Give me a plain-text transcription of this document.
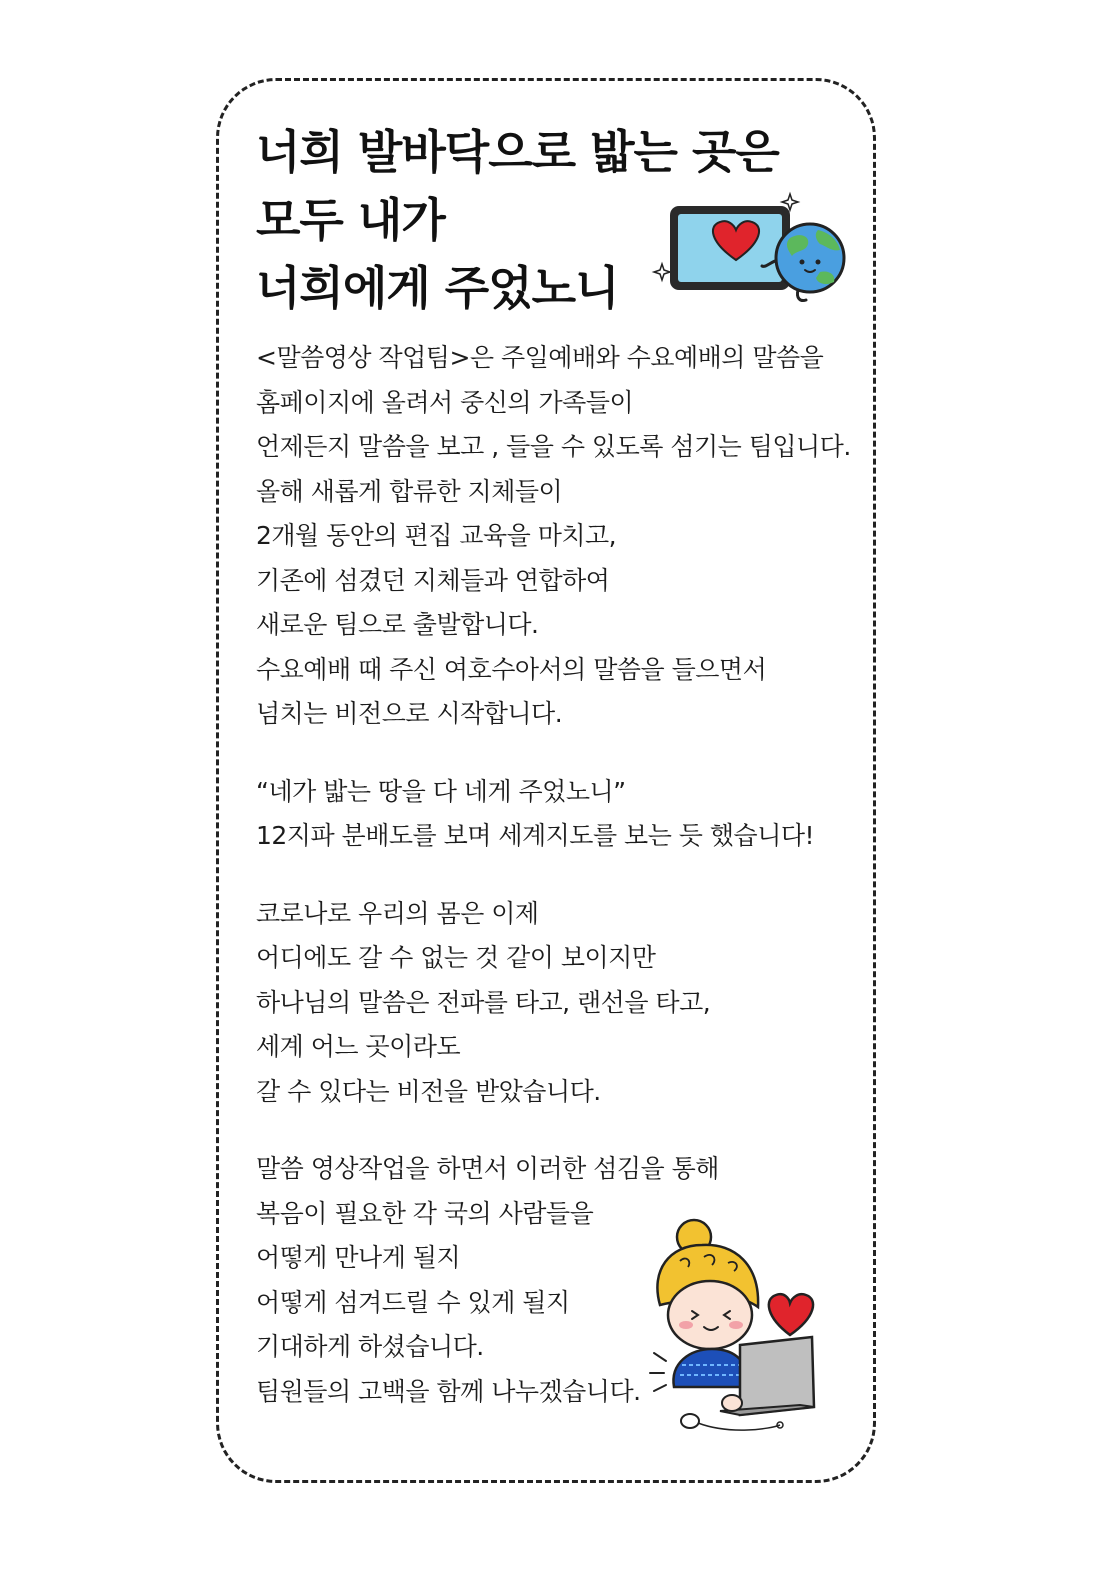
너희 발바닥으로 밟는 곳은
모두 내가
너희에게 주었노니

<말씀영상 작업팀>은 주일예배와 수요예배의 말씀을
홈페이지에 올려서 중신의 가족들이
언제든지 말씀을 보고 , 들을 수 있도록 섬기는 팀입니다.
올해 새롭게 합류한 지체들이
2개월 동안의 편집 교육을 마치고,
기존에 섬겼던 지체들과 연합하여
새로운 팀으로 출발합니다.
수요예배 때 주신 여호수아서의 말씀을 들으면서
넘치는 비전으로 시작합니다.

“네가 밟는 땅을 다 네게 주었노니”
12지파 분배도를 보며 세계지도를 보는 듯 했습니다!

코로나로 우리의 몸은 이제
어디에도 갈 수 없는 것 같이 보이지만
하나님의 말씀은 전파를 타고, 랜선을 타고,
세계 어느 곳이라도
갈 수 있다는 비전을 받았습니다.

말씀 영상작업을 하면서 이러한 섬김을 통해
복음이 필요한 각 국의 사람들을
어떻게 만나게 될지
어떻게 섬겨드릴 수 있게 될지
기대하게 하셨습니다.
팀원들의 고백을 함께 나누겠습니다.
